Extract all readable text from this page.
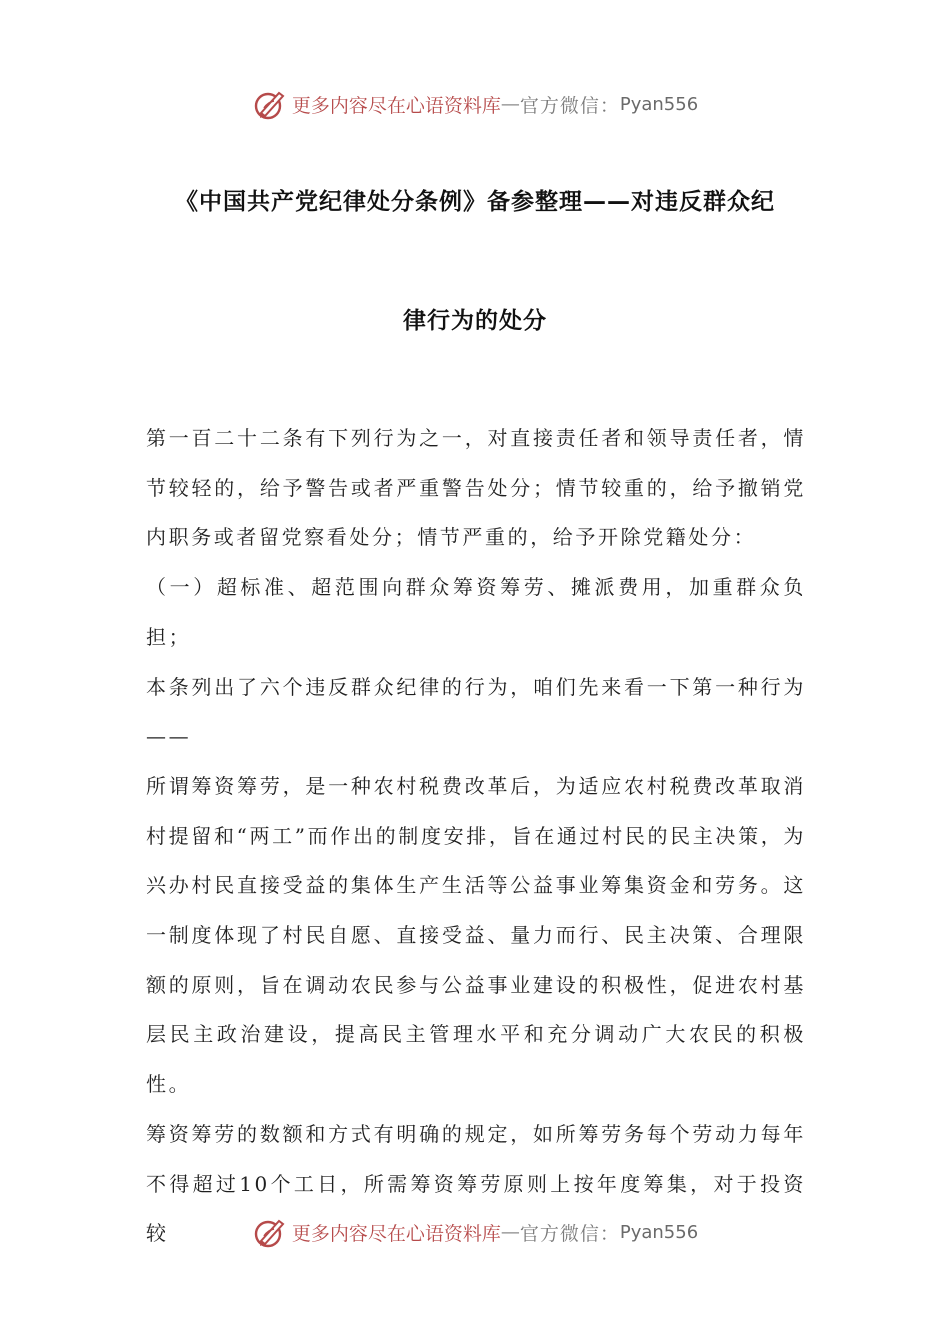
更多内容尽在心语资料库 — 官方微信： Pyan556
《中国共产党纪律处分条例》备参整理——对违反群众纪
律行为的处分

第一百二十二条有下列行为之一，对直接责任者和领导责任者，情节较轻的，给予警告或者严重警告处分；情节较重的，给予撤销党内职务或者留党察看处分；情节严重的，给予开除党籍处分：

（一）超标准、超范围向群众筹资筹劳、摊派费用，加重群众负担；

本条列出了六个违反群众纪律的行为，咱们先来看一下第一种行为——

所谓筹资筹劳，是一种农村税费改革后，为适应农村税费改革取消村提留和“两工”而作出的制度安排，旨在通过村民的民主决策，为兴办村民直接受益的集体生产生活等公益事业筹集资金和劳务。这一制度体现了村民自愿、直接受益、量力而行、民主决策、合理限额的原则，旨在调动农民参与公益事业建设的积极性，促进农村基层民主政治建设，提高民主管理水平和充分调动广大农民的积极性。

筹资筹劳的数额和方式有明确的规定，如所筹劳务每个劳动力每年不得超过10个工日，所需筹资筹劳原则上按年度筹集，对于投资较	更多内容尽在心语资料库 — 官方微信： Pyan556
